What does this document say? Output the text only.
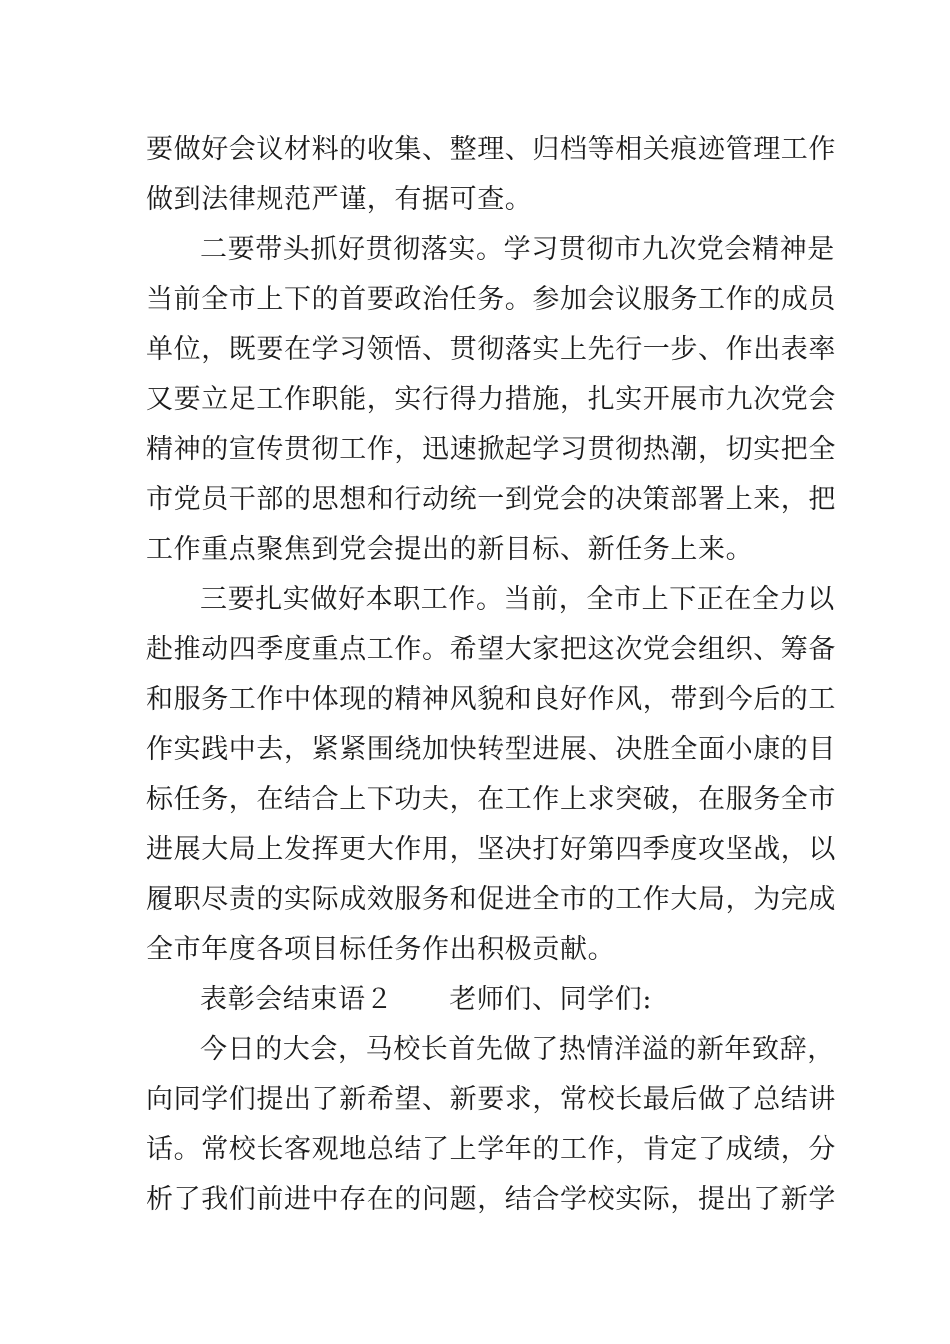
要做好会议材料的收集、整理、归档等相关痕迹管理工作
做到法律规范严谨，有据可查。
二要带头抓好贯彻落实。学习贯彻市九次党会精神是
当前全市上下的首要政治任务。参加会议服务工作的成员
单位，既要在学习领悟、贯彻落实上先行一步、作出表率
又要立足工作职能，实行得力措施，扎实开展市九次党会
精神的宣传贯彻工作，迅速掀起学习贯彻热潮，切实把全
市党员干部的思想和行动统一到党会的决策部署上来，把
工作重点聚焦到党会提出的新目标、新任务上来。
三要扎实做好本职工作。当前，全市上下正在全力以
赴推动四季度重点工作。希望大家把这次党会组织、筹备
和服务工作中体现的精神风貌和良好作风，带到今后的工
作实践中去，紧紧围绕加快转型进展、决胜全面小康的目
标任务，在结合上下功夫，在工作上求突破，在服务全市
进展大局上发挥更大作用，坚决打好第四季度攻坚战，以
履职尽责的实际成效服务和促进全市的工作大局，为完成
全市年度各项目标任务作出积极贡献。
表彰会结束语２ 老师们、同学们:
今日的大会，马校长首先做了热情洋溢的新年致辞，
向同学们提出了新希望、新要求，常校长最后做了总结讲
话。常校长客观地总结了上学年的工作，肯定了成绩，分
析了我们前进中存在的问题，结合学校实际，提出了新学
